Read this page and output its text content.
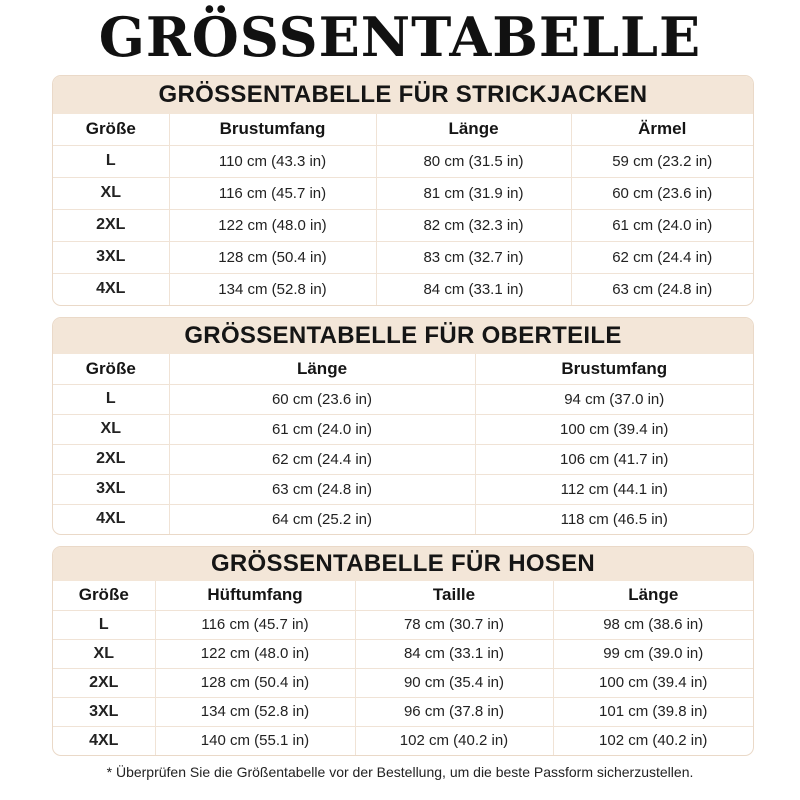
GRÖSSENTABELLE
GRÖSSENTABELLE FÜR STRICKJACKEN
Größe	Brustumfang	Länge	Ärmel
L	110 cm (43.3 in)	80 cm (31.5 in)	59 cm (23.2 in)
XL	116 cm (45.7 in)	81 cm (31.9 in)	60 cm (23.6 in)
2XL	122 cm (48.0 in)	82 cm (32.3 in)	61 cm (24.0 in)
3XL	128 cm (50.4 in)	83 cm (32.7 in)	62 cm (24.4 in)
4XL	134 cm (52.8 in)	84 cm (33.1 in)	63 cm (24.8 in)
GRÖSSENTABELLE FÜR OBERTEILE
Größe	Länge	Brustumfang
L	60 cm (23.6 in)	94 cm (37.0 in)
XL	61 cm (24.0 in)	100 cm (39.4 in)
2XL	62 cm (24.4 in)	106 cm (41.7 in)
3XL	63 cm (24.8 in)	112 cm (44.1 in)
4XL	64 cm (25.2 in)	118 cm (46.5 in)
GRÖSSENTABELLE FÜR HOSEN
Größe	Hüftumfang	Taille	Länge
L	116 cm (45.7 in)	78 cm (30.7 in)	98 cm (38.6 in)
XL	122 cm (48.0 in)	84 cm (33.1 in)	99 cm (39.0 in)
2XL	128 cm (50.4 in)	90 cm (35.4 in)	100 cm (39.4 in)
3XL	134 cm (52.8 in)	96 cm (37.8 in)	101 cm (39.8 in)
4XL	140 cm (55.1 in)	102 cm (40.2 in)	102 cm (40.2 in)
* Überprüfen Sie die Größentabelle vor der Bestellung, um die beste Passform sicherzustellen.
